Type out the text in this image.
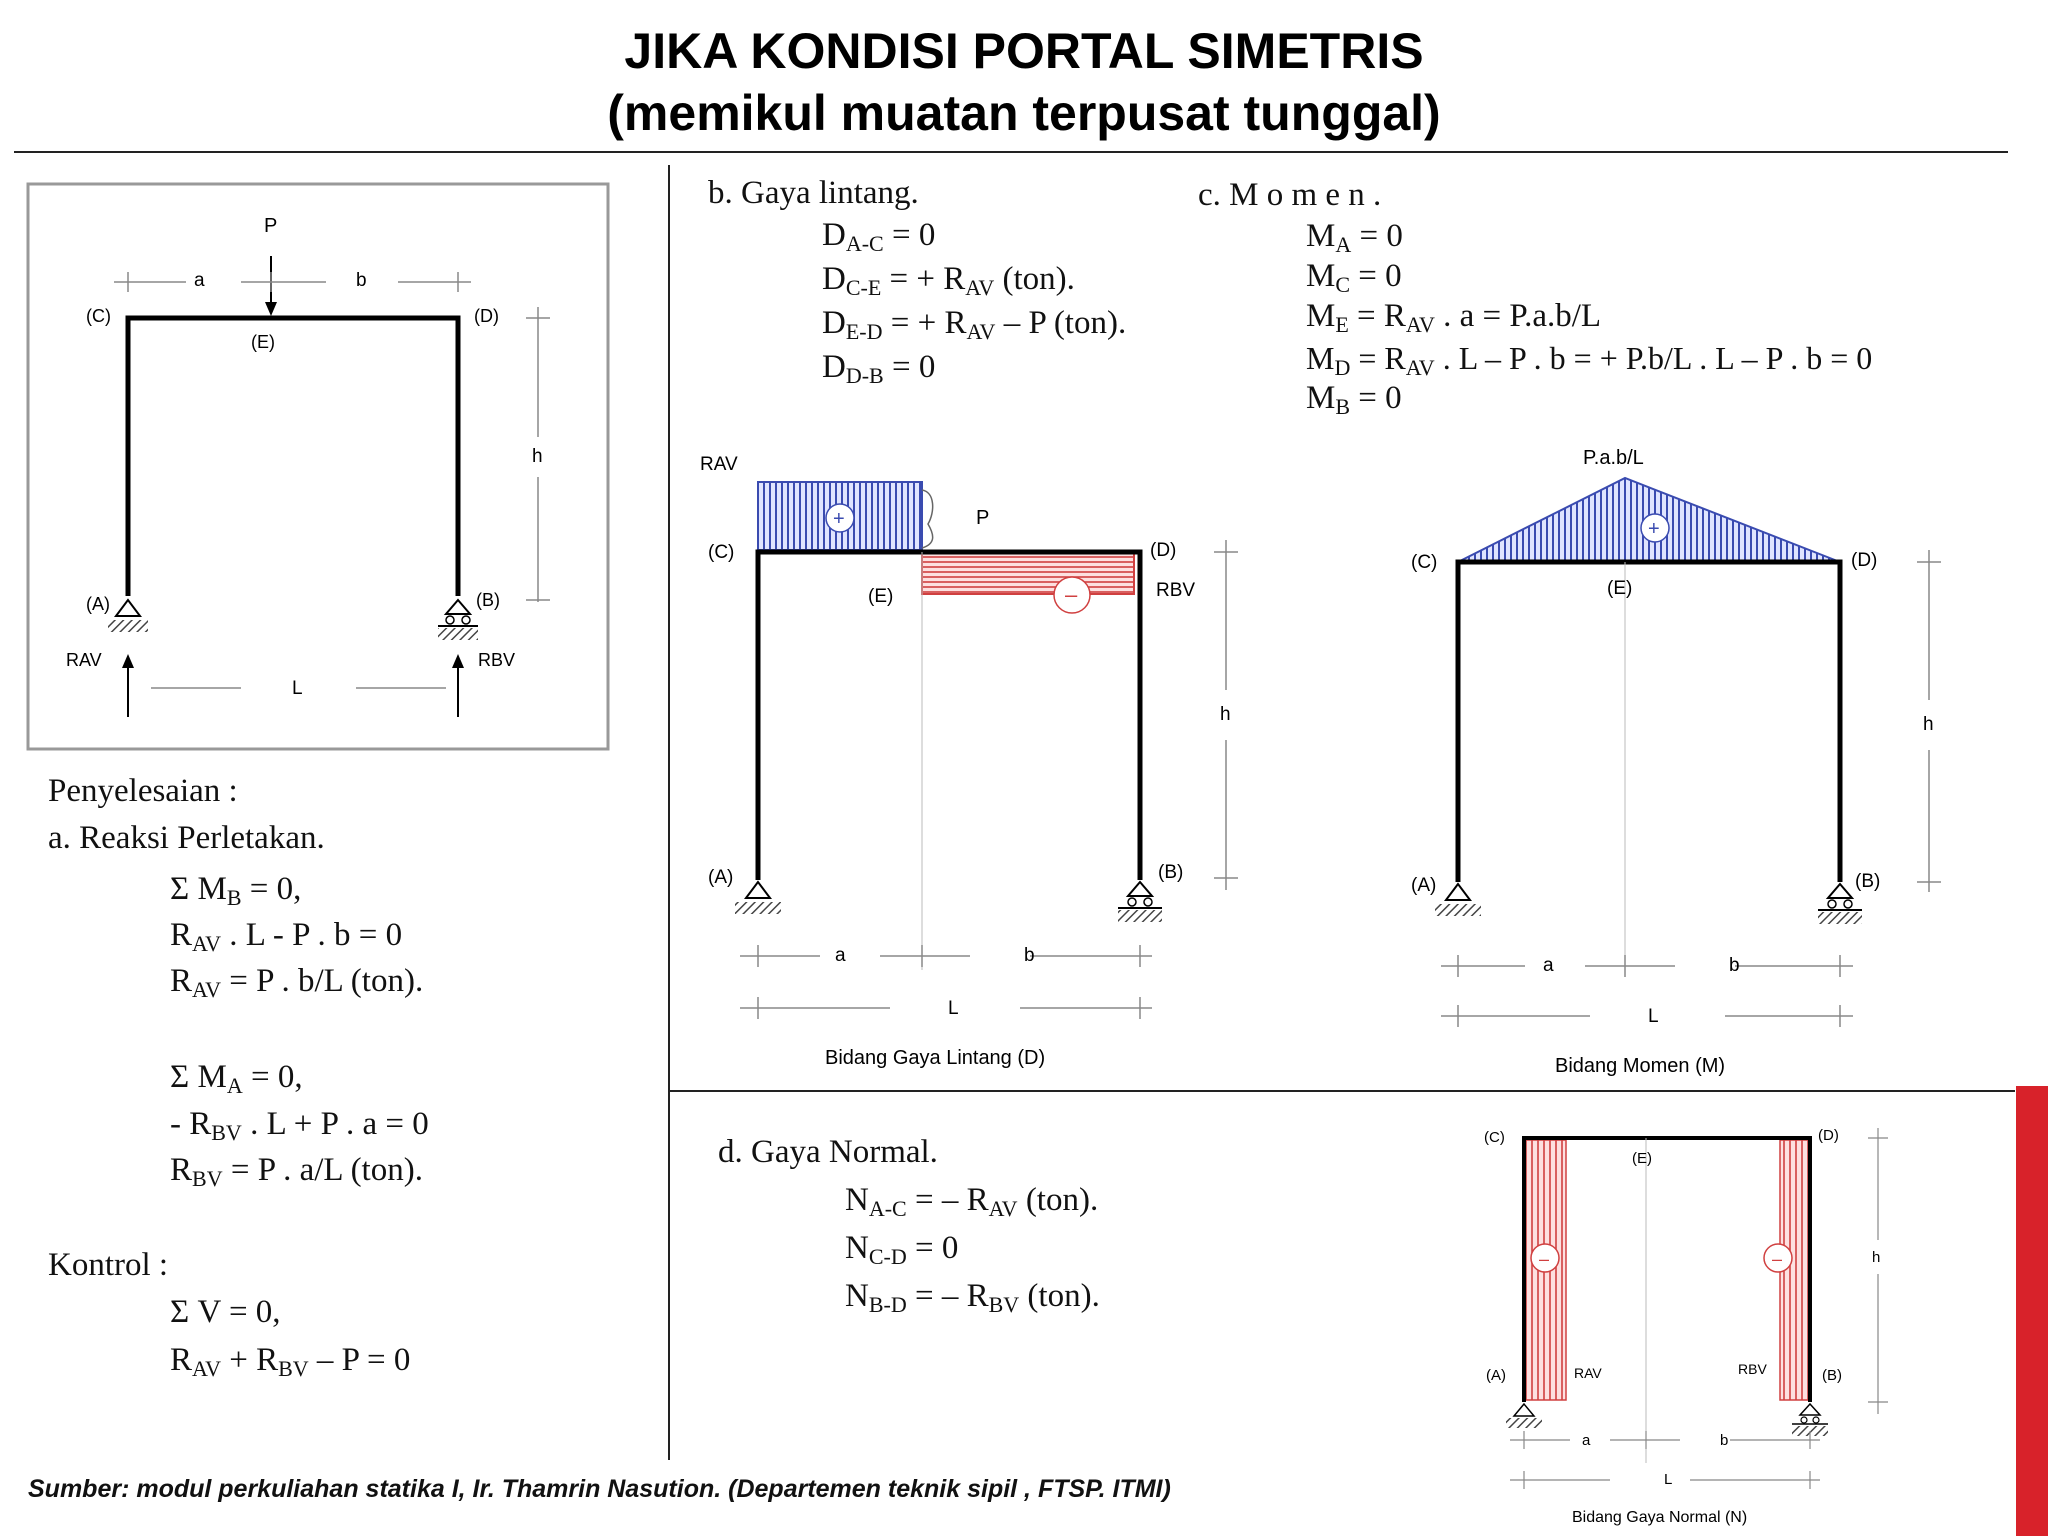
JIKA KONDISI PORTAL SIMETRIS
(memikul muatan terpusat tunggal)
P
a	b
h
(C)	(D)
(E)
(A)	(B)
RAV	RBV
L
Penyelesaian :
a. Reaksi Perletakan.
Σ $M_B = 0$,
$R_{AV}$ . L - P . b = 0
$R_{AV} = P$ . b/L (ton).
Σ $M_A = 0$,
- $R_{BV}$ . L + P . a = 0
$R_{BV} = P$ . a/L (ton).
Kontrol :
Σ V = 0,
$R_{AV} + R_{BV} - P = 0$
b. Gaya lintang.
$D_{A-C} = 0$
$D_{C-E}$ = + $R_{AV}$ (ton).
$D_{E-D}$ = + $R_{AV}$ – P (ton).
$D_{D-B} = 0$
c. M o m e n .
$M_A = 0$
$M_C = 0$
$M_E = R_{AV}$ . a = P.a.b/L
$M_D = R_{AV}$ . L – P . b = + P.b/L . L – P . b = 0
$M_B = 0$
+
–
P
RAV
RBV
(C)	(D)
(E)
(A)	(B)
h
a	b
L
Bidang Gaya Lintang (D)
+
P.a.b/L
(C)	(D)
(E)
(A)	(B)
h
a	b
L
Bidang Momen (M)
d. Gaya Normal.
$N_{A-C}$ = – $R_{AV}$ (ton).
$N_{C-D} = 0$
$N_{B-D}$ = – $R_{BV}$ (ton).
–	–
(C)	(D)
(E)
(A)	(B)
RAV	RBV
h
a	b
L
Bidang Gaya Normal (N)
Sumber: modul perkuliahan statika I, Ir. Thamrin Nasution. (Departemen teknik sipil , FTSP. ITMI)
